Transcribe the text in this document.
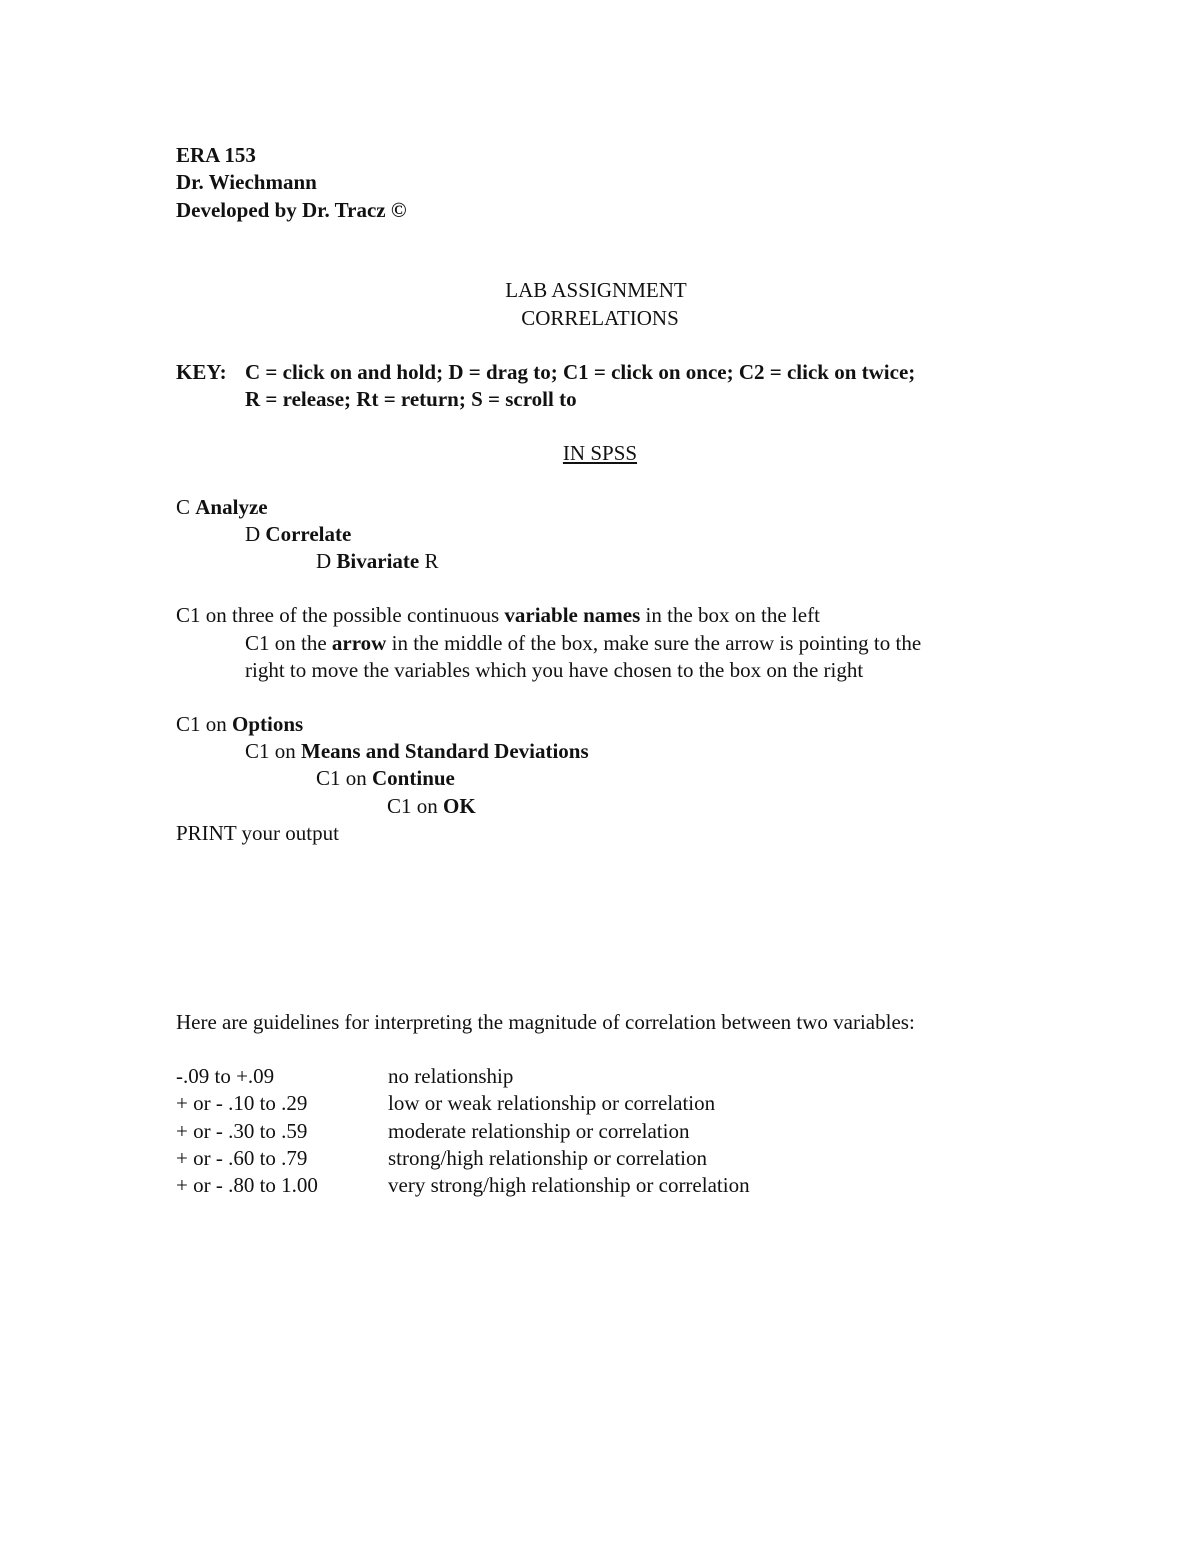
ERA 153

Dr. Wiechmann

Developed by Dr. Tracz ©

LAB ASSIGNMENT

CORRELATIONS

KEY: C = click on and hold; D = drag to; C1 = click on once; C2 = click on twice;

R = release; Rt = return; S = scroll to

IN SPSS

C Analyze

D Correlate

D Bivariate R

C1 on three of the possible continuous variable names in the box on the left

C1 on the arrow in the middle of the box, make sure the arrow is pointing to the

right to move the variables which you have chosen to the box on the right

C1 on Options

C1 on Means and Standard Deviations

C1 on Continue

C1 on OK

PRINT your output

Here are guidelines for interpreting the magnitude of correlation between two variables:

-.09 to +.09	no relationship

+ or - .10 to .29	low or weak relationship or correlation

+ or - .30 to .59	moderate relationship or correlation

+ or - .60 to .79	strong/high relationship or correlation

+ or - .80 to 1.00	very strong/high relationship or correlation
